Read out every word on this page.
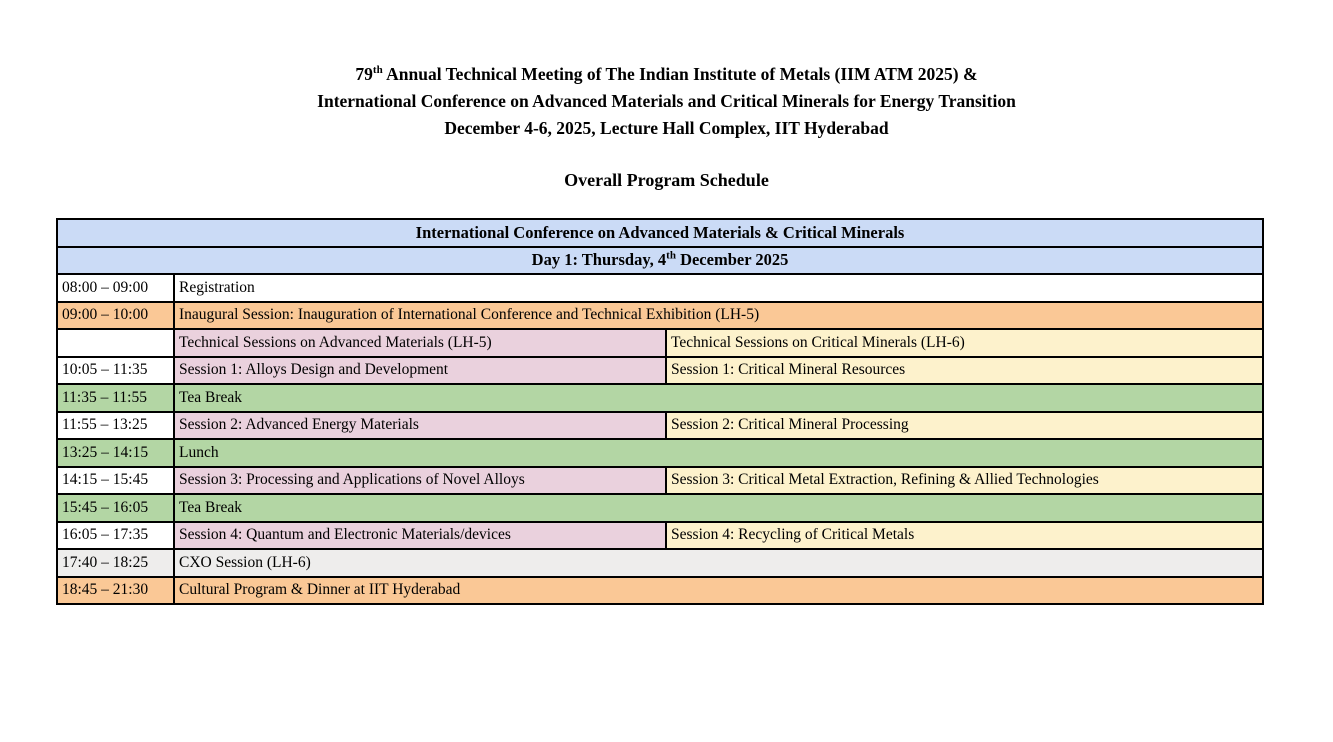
79th Annual Technical Meeting of The Indian Institute of Metals (IIM ATM 2025) &
International Conference on Advanced Materials and Critical Minerals for Energy Transition
December 4-6, 2025, Lecture Hall Complex, IIT Hyderabad
Overall Program Schedule
International Conference on Advanced Materials & Critical Minerals		
Day 1: Thursday, 4th December 2025		
08:00 – 09:00	Registration	
09:00 – 10:00	Inaugural Session: Inauguration of International Conference and Technical Exhibition (LH-5)	
	Technical Sessions on Advanced Materials (LH-5)	Technical Sessions on Critical Minerals (LH-6)
10:05 – 11:35	Session 1: Alloys Design and Development	Session 1: Critical Mineral Resources
11:35 – 11:55	Tea Break	
11:55 – 13:25	Session 2: Advanced Energy Materials	Session 2: Critical Mineral Processing
13:25 – 14:15	Lunch	
14:15 – 15:45	Session 3: Processing and Applications of Novel Alloys	Session 3: Critical Metal Extraction, Refining & Allied Technologies
15:45 – 16:05	Tea Break	
16:05 – 17:35	Session 4: Quantum and Electronic Materials/devices	Session 4: Recycling of Critical Metals
17:40 – 18:25	CXO Session (LH-6)	
18:45 – 21:30	Cultural Program & Dinner at IIT Hyderabad	
